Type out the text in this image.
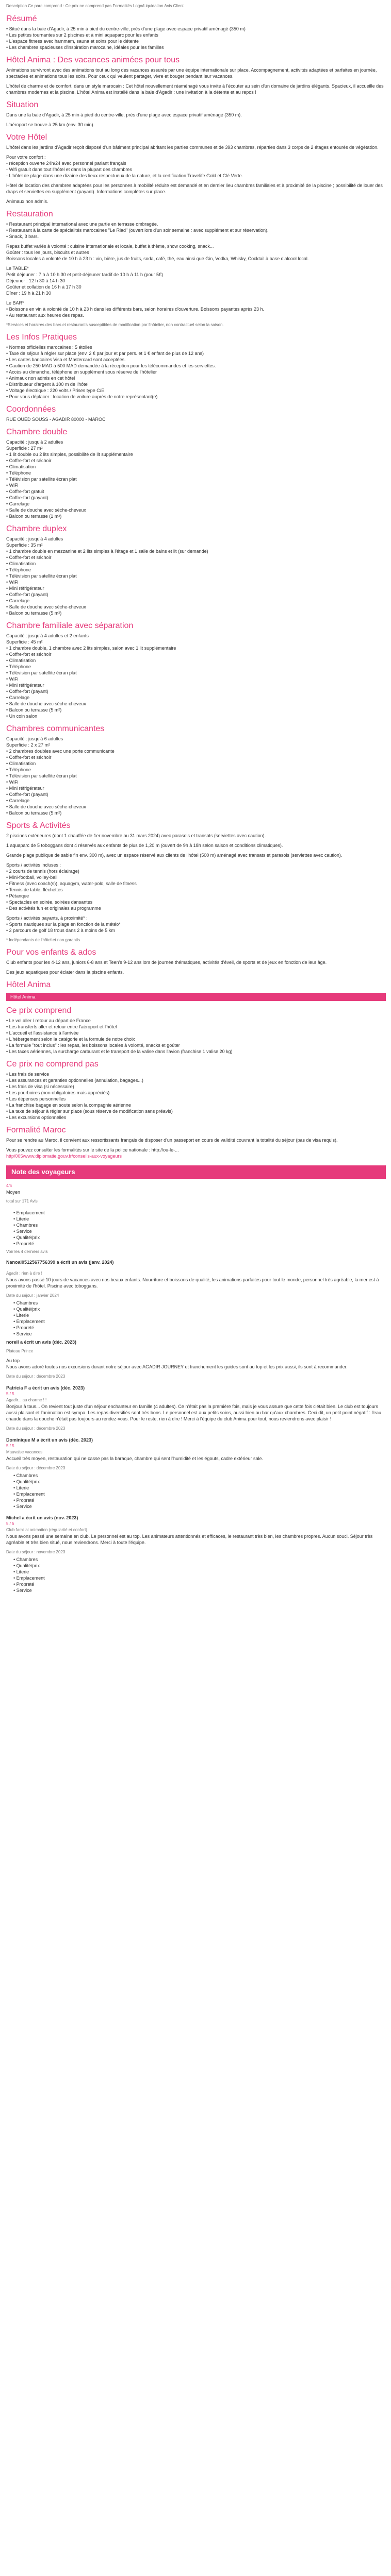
Description Ce parc comprend : Ce prix ne comprend pas Formalités Logo/Liquidation Avis Client
Résumé
• Situé dans la baie d'Agadir, à 25 min à pied du centre-ville, près d'une plage avec espace privatif aménagé (350 m)
• Les petites tournantes sur 2 piscines et à mini aquaparc pour les enfants
• L'espace fitness avec hammam, sauna et soins pour le détente
• Les chambres spacieuses d'inspiration marocaine, idéales pour les familles
Hôtel Anima : Des vacances animées pour tous

Animations survivront avec des animations tout au long des vacances assurés par une équipe internationale sur place. Accompagnement, activités adaptées et parfaites en journée, spectacles et animations tous les soirs. Pour ceux qui veulent partager, vivre et bouger pendant leur vacances.

L'hôtel de charme et de comfort, dans un style marocain : Cet hôtel nouvellement réaménagé vous invite à l'écouter au sein d'un domaine de jardins élégants. Spacieux, il accueille des chambres modernes et la piscine. L'hôtel Anima est installé dans la baie d'Agadir : une invitation à la détente et au repos !

Situation

Dans une la baie d'Agadir, à 25 min à pied du centre-ville, près d'une plage avec espace privatif aménagé (350 m).

L'aéroport se trouve à 25 km (env. 30 min).

Votre Hôtel

L'hôtel dans les jardins d'Agadir reçoit disposé d'un bâtiment principal abritant les parties communes et de 393 chambres, réparties dans 3 corps de 2 étages entourés de végétation.

Pour votre confort :
- réception ouverte 24h/24 avec personnel parlant français
- Wifi gratuit dans tout l'hôtel et dans la plupart des chambres

- L'hôtel de plage dans une dizaine des lieux respectueux de la nature, et la certification Travelife Gold et Clé Verte.

Hôtel de location des chambres adaptées pour les personnes à mobilité réduite est demandé et en dernier lieu chambres familiales et à proximité de la piscine ; possibilité de louer des draps et serviettes en supplément (payant). Informations complètes sur place.

Animaux non admis.

Restauration
• Restaurant principal international avec une partie en terrasse ombragée.
• Restaurant à la carte de spécialités marocaines "Le Riad" (ouvert lors d'un soir semaine : avec supplément et sur réservation).
• Snack, 3 bars.
Repas buffet variés à volonté : cuisine internationale et locale, buffet à thème, show cooking, snack...
Goûter : tous les jours, biscuits et autres

Boissons locales à volonté de 10 h à 23 h : vin, bière, jus de fruits, soda, café, thé, eau ainsi que Gin, Vodka, Whisky, Cocktail à base d'alcool local.

Le TABLE*
Petit déjeuner : 7 h à 10 h 30 et petit-déjeuner tardif de 10 h à 11 h (pour 5€)
Déjeuner : 12 h 30 à 14 h 30
Goûter et collation de 16 h à 17 h 30
Dîner : 19 h à 21 h 30
Le BAR*
• Boissons en vin à volonté de 10 h à 23 h dans les différents bars, selon horaires d'ouverture. Boissons payantes après 23 h.
• Au restaurant aux heures des repas.

*Services et horaires des bars et restaurants susceptibles de modification par l'hôtelier, non contractuel selon la saison.

Les Infos Pratiques
• Normes officielles marocaines : 5 étoiles
• Taxe de séjour à régler sur place (env. 2 € par jour et par pers. et 1 € enfant de plus de 12 ans)
• Les cartes bancaires Visa et Mastercard sont acceptées.
• Caution de 250 MAD à 500 MAD demandée à la réception pour les télécommandes et les serviettes.
• Accès au dimanche, téléphone en supplément sous réserve de l'hôtelier
• Animaux non admis en cet hôtel
• Distributeur d'argent à 100 m de l'hôtel
• Voltage électrique : 220 volts / Prises type C/E.
• Pour vous déplacer : location de voiture auprès de notre représentant(e)
Coordonnées

RUE OUED SOUSS - AGADIR 80000 - MAROC

Chambre double
Capacité : jusqu'à 2 adultes
Superficie : 27 m²
• 1 lit double ou 2 lits simples, possibilité de lit supplémentaire
• Coffre-fort et séchoir
• Climatisation
• Téléphone
• Télévision par satellite écran plat
• WiFi
• Coffre-fort gratuit
• Coffre-fort (payant)
• Carrelage
• Salle de douche avec sèche-cheveux
• Balcon ou terrasse (1 m²)
Chambre duplex
Capacité : jusqu'à 4 adultes
Superficie : 35 m²
• 1 chambre double en mezzanine et 2 lits simples à l'étage et 1 salle de bains et lit (sur demande)
• Coffre-fort et séchoir
• Climatisation
• Téléphone
• Télévision par satellite écran plat
• WiFi
• Mini réfrigérateur
• Coffre-fort (payant)
• Carrelage
• Salle de douche avec sèche-cheveux
• Balcon ou terrasse (5 m²)
Chambre familiale avec séparation
Capacité : jusqu'à 4 adultes et 2 enfants
Superficie : 45 m²
• 1 chambre double, 1 chambre avec 2 lits simples, salon avec 1 lit supplémentaire
• Coffre-fort et séchoir
• Climatisation
• Téléphone
• Télévision par satellite écran plat
• WiFi
• Mini réfrigérateur
• Coffre-fort (payant)
• Carrelage
• Salle de douche avec sèche-cheveux
• Balcon ou terrasse (5 m²)
• Un coin salon
Chambres communicantes
Capacité : jusqu'à 6 adultes
Superficie : 2 x 27 m²
• 2 chambres doubles avec une porte communicante
• Coffre-fort et séchoir
• Climatisation
• Téléphone
• Télévision par satellite écran plat
• WiFi
• Mini réfrigérateur
• Coffre-fort (payant)
• Carrelage
• Salle de douche avec sèche-cheveux
• Balcon ou terrasse (5 m²)
Sports & Activités

2 piscines extérieures (dont 1 chauffée de 1er novembre au 31 mars 2024) avec parasols et transats (serviettes avec caution).

1 aquaparc de 5 toboggans dont 4 réservés aux enfants de plus de 1,20 m (ouvert de 9h à 18h selon saison et conditions climatiques).

Grande plage publique de sable fin env. 300 m), avec un espace réservé aux clients de l'hôtel (500 m) aménagé avec transats et parasols (serviettes avec caution).

Sports / activités incluses :
• 2 courts de tennis (hors éclairage)
• Mini-football, volley-ball
• Fitness (avec coach(s)), aquagym, water-polo, salle de fitness
• Tennis de table, fléchettes
• Pétanque
• Spectacles en soirée, soirées dansantes
• Des activités fun et originales au programme
Sports / activités payants, à proximité* :
• Sports nautiques sur la plage en fonction de la météo*
• 2 parcours de golf 18 trous dans 2 à moins de 5 km

* Indépendants de l'hôtel et non garantis

Pour vos enfants & ados

Club enfants pour les 4-12 ans, juniors 6-8 ans et Teen's 9-12 ans lors de journée thématiques, activités d'éveil, de sports et de jeux en fonction de leur âge.

Des jeux aquatiques pour éclater dans la piscine enfants.

Hôtel Anima
Hôtel Anima
Ce prix comprend
• Le vol aller / retour au départ de France
• Les transferts aller et retour entre l'aéroport et l'hôtel
• L'accueil et l'assistance à l'arrivée
• L'hébergement selon la catégorie et la formule de notre choix
• La formule "tout inclus" : les repas, les boissons locales à volonté, snacks et goûter
• Les taxes aériennes, la surcharge carburant et le transport de la valise dans l'avion (franchise 1 valise 20 kg)
Ce prix ne comprend pas
• Les frais de service
• Les assurances et garanties optionnelles (annulation, bagages...)
• Les frais de visa (si nécessaire)
• Les pourboires (non obligatoires mais appréciés)
• Les dépenses personnelles
• La franchise bagage en soute selon la compagnie aérienne
• La taxe de séjour à régler sur place (sous réserve de modification sans préavis)
• Les excursions optionnelles
Formalité Maroc

Pour se rendre au Maroc, il convient aux ressortissants français de disposer d'un passeport en cours de validité couvrant la totalité du séjour (pas de visa requis).

Vous pouvez consulter les formalités sur le site de la police nationale : http://ou-le-...

http/005/www.diplomatie.gouv.fr/conseils-aux-voyageurs

Note des voyageurs
4/5
Moyen
total sur 171 Avis
• Emplacement
• Literie
• Chambres
• Service
• Qualité/prix
• Propreté
Voir les 4 derniers avis
Nanoal0512567756399 a écrit un avis (janv. 2024)
Agadir : rien à dire !

Nous avons passé 10 jours de vacances avec nos beaux enfants. Nourriture et boissons de qualité, les animations parfaites pour tout le monde, personnel très agréable, la mer est à proximité de l'hôtel. Piscine avec toboggans.

Date du séjour : janvier 2024
• Chambres
• Qualité/prix
• Literie
• Emplacement
• Propreté
• Service
noreil a écrit un avis (déc. 2023)
Plateau Prince
Au top

Nous avons adoré toutes nos excursions durant notre séjour avec AGADIR JOURNEY et franchement les guides sont au top et les prix aussi, ils sont à recommander.

Date du séjour : décembre 2023
Patricia F a écrit un avis (déc. 2023)
5 / 5
Agadir... au charme ! !

Bonjour à tous... On revient tout juste d'un séjour enchanteur en famille (4 adultes). Ce n'était pas la première fois, mais je vous assure que cette fois c'était bien. Le club est toujours aussi plaisant et l'animation est sympa. Les repas diversifiés sont très bons. Le personnel est aux petits soins, aussi bien au bar qu'aux chambres. Ceci dit, un petit point négatif : l'eau chaude dans la douche n'était pas toujours au rendez-vous. Pour le reste, rien à dire ! Merci à l'équipe du club Anima pour tout, nous reviendrons avec plaisir !

Date du séjour : décembre 2023
Dominique M a écrit un avis (déc. 2023)
5 / 5
Mauvaise vacances

Accueil très moyen, restauration qui ne casse pas la baraque, chambre qui sent l'humidité et les égouts, cadre extérieur sale.

Date du séjour : décembre 2023
• Chambres
• Qualité/prix
• Literie
• Emplacement
• Propreté
• Service
Michel a écrit un avis (nov. 2023)
5 / 5
Club familial animation (régularité et confort)

Nous avons passé une semaine en club. Le personnel est au top. Les animateurs attentionnés et efficaces, le restaurant très bien, les chambres propres. Aucun souci. Séjour très agréable et très bien situé, nous reviendrons. Merci à toute l'équipe.

Date du séjour : novembre 2023
• Chambres
• Qualité/prix
• Literie
• Emplacement
• Propreté
• Service
